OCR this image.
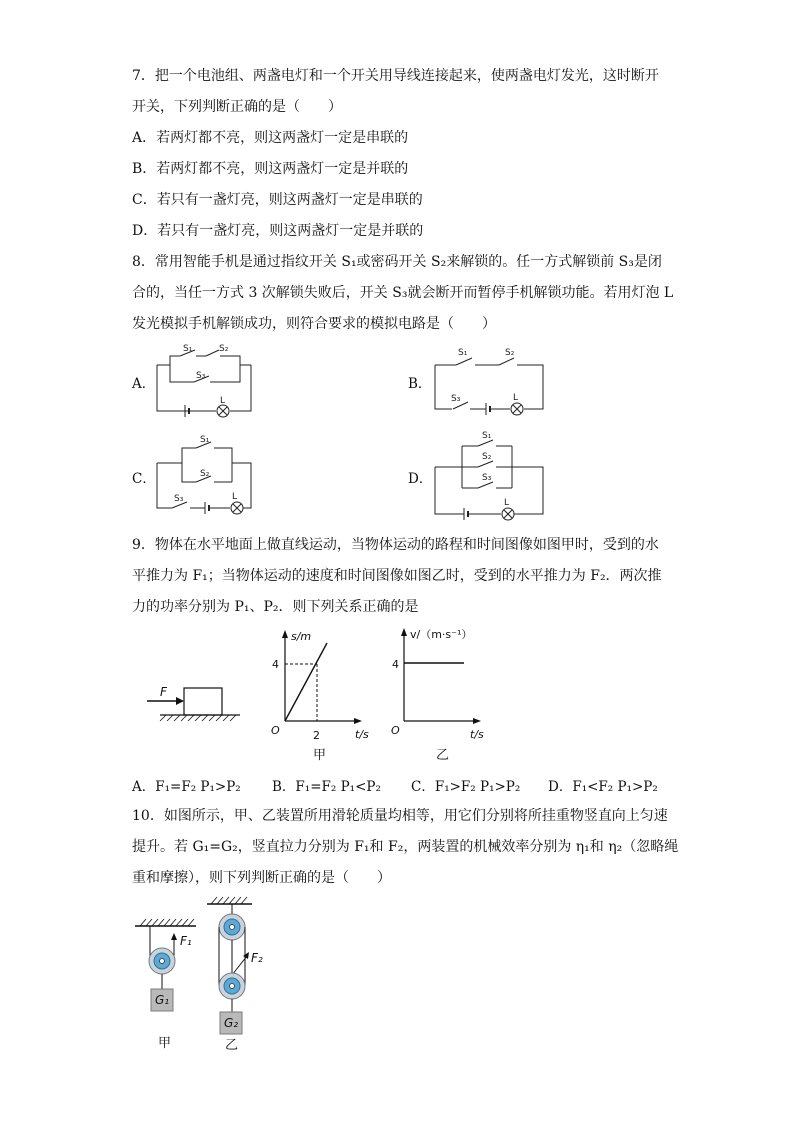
7．把一个电池组、两盏电灯和一个开关用导线连接起来，使两盏电灯发光，这时断开
开关，下列判断正确的是（　　）
A．若两灯都不亮，则这两盏灯一定是串联的
B．若两灯都不亮，则这两盏灯一定是并联的
C．若只有一盏灯亮，则这两盏灯一定是串联的
D．若只有一盏灯亮，则这两盏灯一定是并联的
8．常用智能手机是通过指纹开关 S₁或密码开关 S₂来解锁的。任一方式解锁前 S₃是闭
合的，当任一方式 3 次解锁失败后，开关 S₃就会断开而暂停手机解锁功能。若用灯泡 L
发光模拟手机解锁成功，则符合要求的模拟电路是（　　）
A．	B．
C．	D．
S₁	S₂
S₃
L
S₁	S₂
S₃	L
S₁
S₂
S₃	L
S₁
S₂
S₃
L
9．物体在水平地面上做直线运动，当物体运动的路程和时间图像如图甲时，受到的水
平推力为 F₁；当物体运动的速度和时间图像如图乙时，受到的水平推力为 F₂．两次推
力的功率分别为 P₁、P₂．则下列关系正确的是
F
s/m
4
2
O	t/s
甲
v/（m·s⁻¹）
4
O	t/s
乙
A．F₁=F₂ P₁>P₂ B．F₁=F₂ P₁<P₂ C．F₁>F₂ P₁>P₂ D．F₁<F₂ P₁>P₂
10．如图所示，甲、乙装置所用滑轮质量均相等，用它们分别将所挂重物竖直向上匀速
提升。若 G₁=G₂，竖直拉力分别为 F₁和 F₂，两装置的机械效率分别为 η₁和 η₂（忽略绳
重和摩擦），则下列判断正确的是（　　）
F₁
G₁
甲
F₂
G₂
乙
